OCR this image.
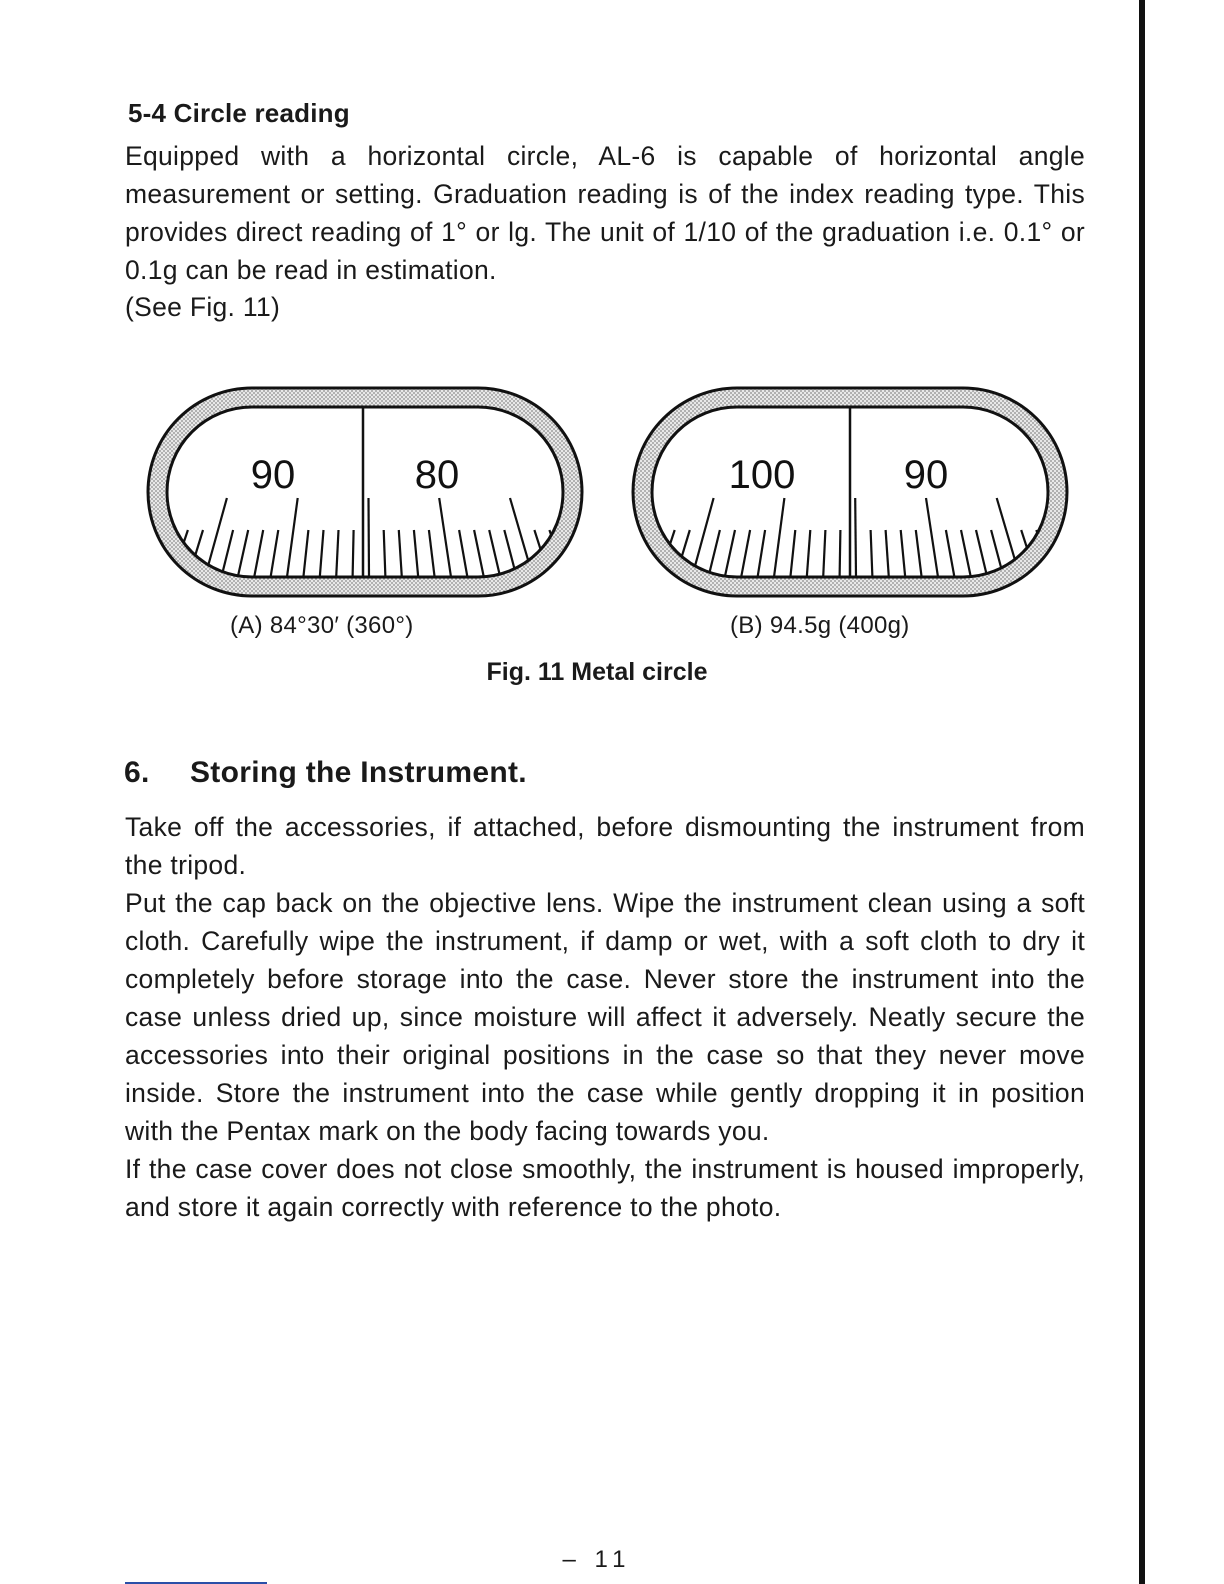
5-4 Circle reading
Equipped with a horizontal circle, AL-6 is capable of horizontal angle measurement or setting. Graduation reading is of the index reading type. This provides direct reading of 1° or lg. The unit of 1/10 of the graduation i.e. 0.1° or 0.1g can be read in estimation.
(See Fig. 11)
90	80	100	90
(A) 84°30′ (360°)	(B) 94.5g (400g)
Fig. 11 Metal circle
6. Storing the Instrument.

Take off the accessories, if attached, before dismounting the instrument from the tripod.

Put the cap back on the objective lens. Wipe the instrument clean using a soft cloth. Carefully wipe the instrument, if damp or wet, with a soft cloth to dry it completely before storage into the case. Never store the instrument into the case unless dried up, since moisture will affect it adversely. Neatly secure the accessories into their original positions in the case so that they never move inside. Store the instrument into the case while gently dropping it in position with the Pentax mark on the body facing towards you.

If the case cover does not close smoothly, the instrument is housed improperly, and store it again correctly with reference to the photo.

– 11
